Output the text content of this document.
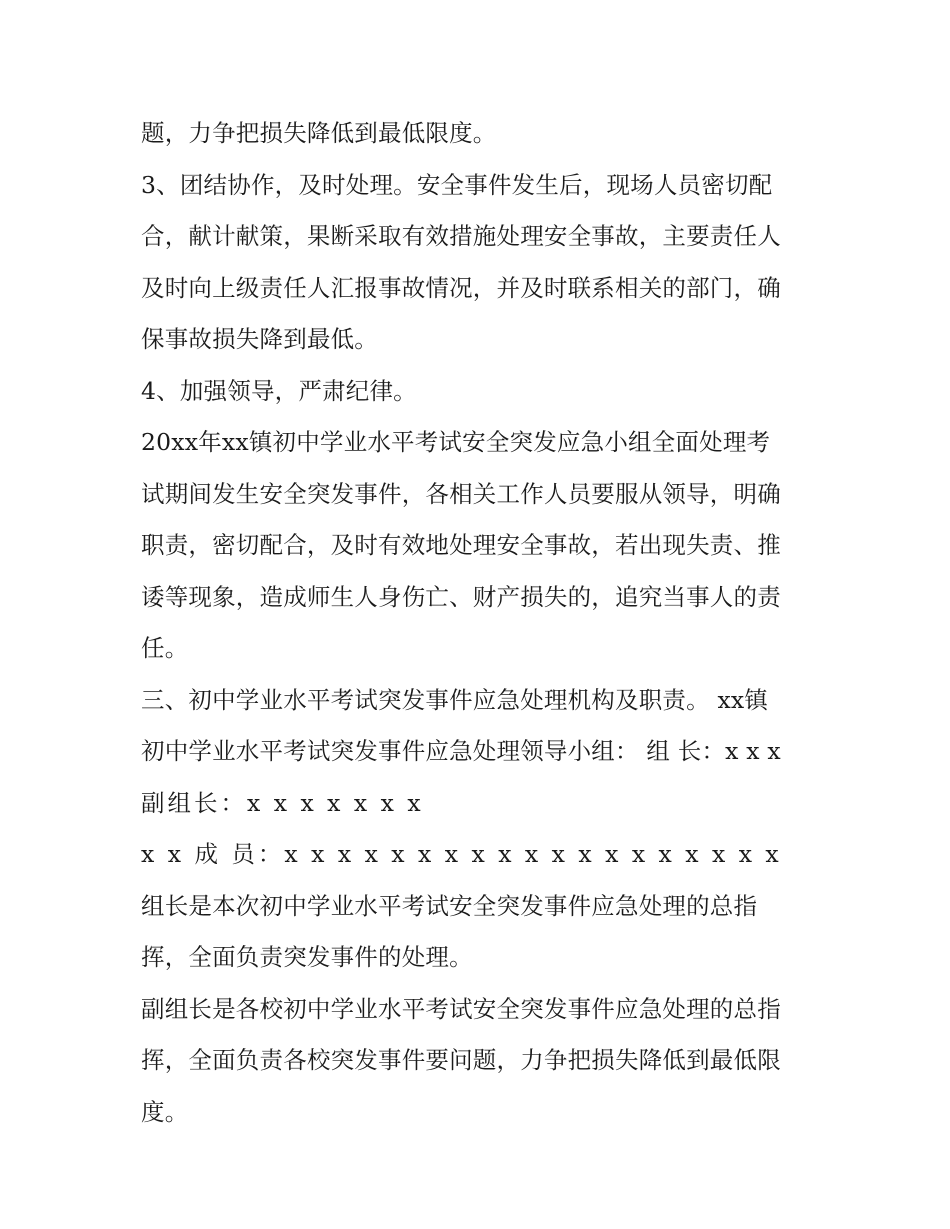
题，力争把损失降低到最低限度。
3、团结协作，及时处理。安全事件发生后，现场人员密切配
合，献计献策，果断采取有效措施处理安全事故，主要责任人
及时向上级责任人汇报事故情况，并及时联系相关的部门，确
保事故损失降到最低。
4、加强领导，严肃纪律。
20xx年xx镇初中学业水平考试安全突发应急小组全面处理考
试期间发生安全突发事件，各相关工作人员要服从领导，明确
职责，密切配合，及时有效地处理安全事故，若出现失责、推
诿等现象，造成师生人身伤亡、财产损失的，追究当事人的责
任。
三、初中学业水平考试突发事件应急处理机构及职责。 xx镇
初中学业水平考试突发事件应急处理领导小组： 组 长：x x x
副组长：x x x x x x x
x x 成 员：x x x x x x x x x x x x x x x x x x x
组长是本次初中学业水平考试安全突发事件应急处理的总指
挥，全面负责突发事件的处理。
副组长是各校初中学业水平考试安全突发事件应急处理的总指
挥，全面负责各校突发事件要问题，力争把损失降低到最低限
度。
